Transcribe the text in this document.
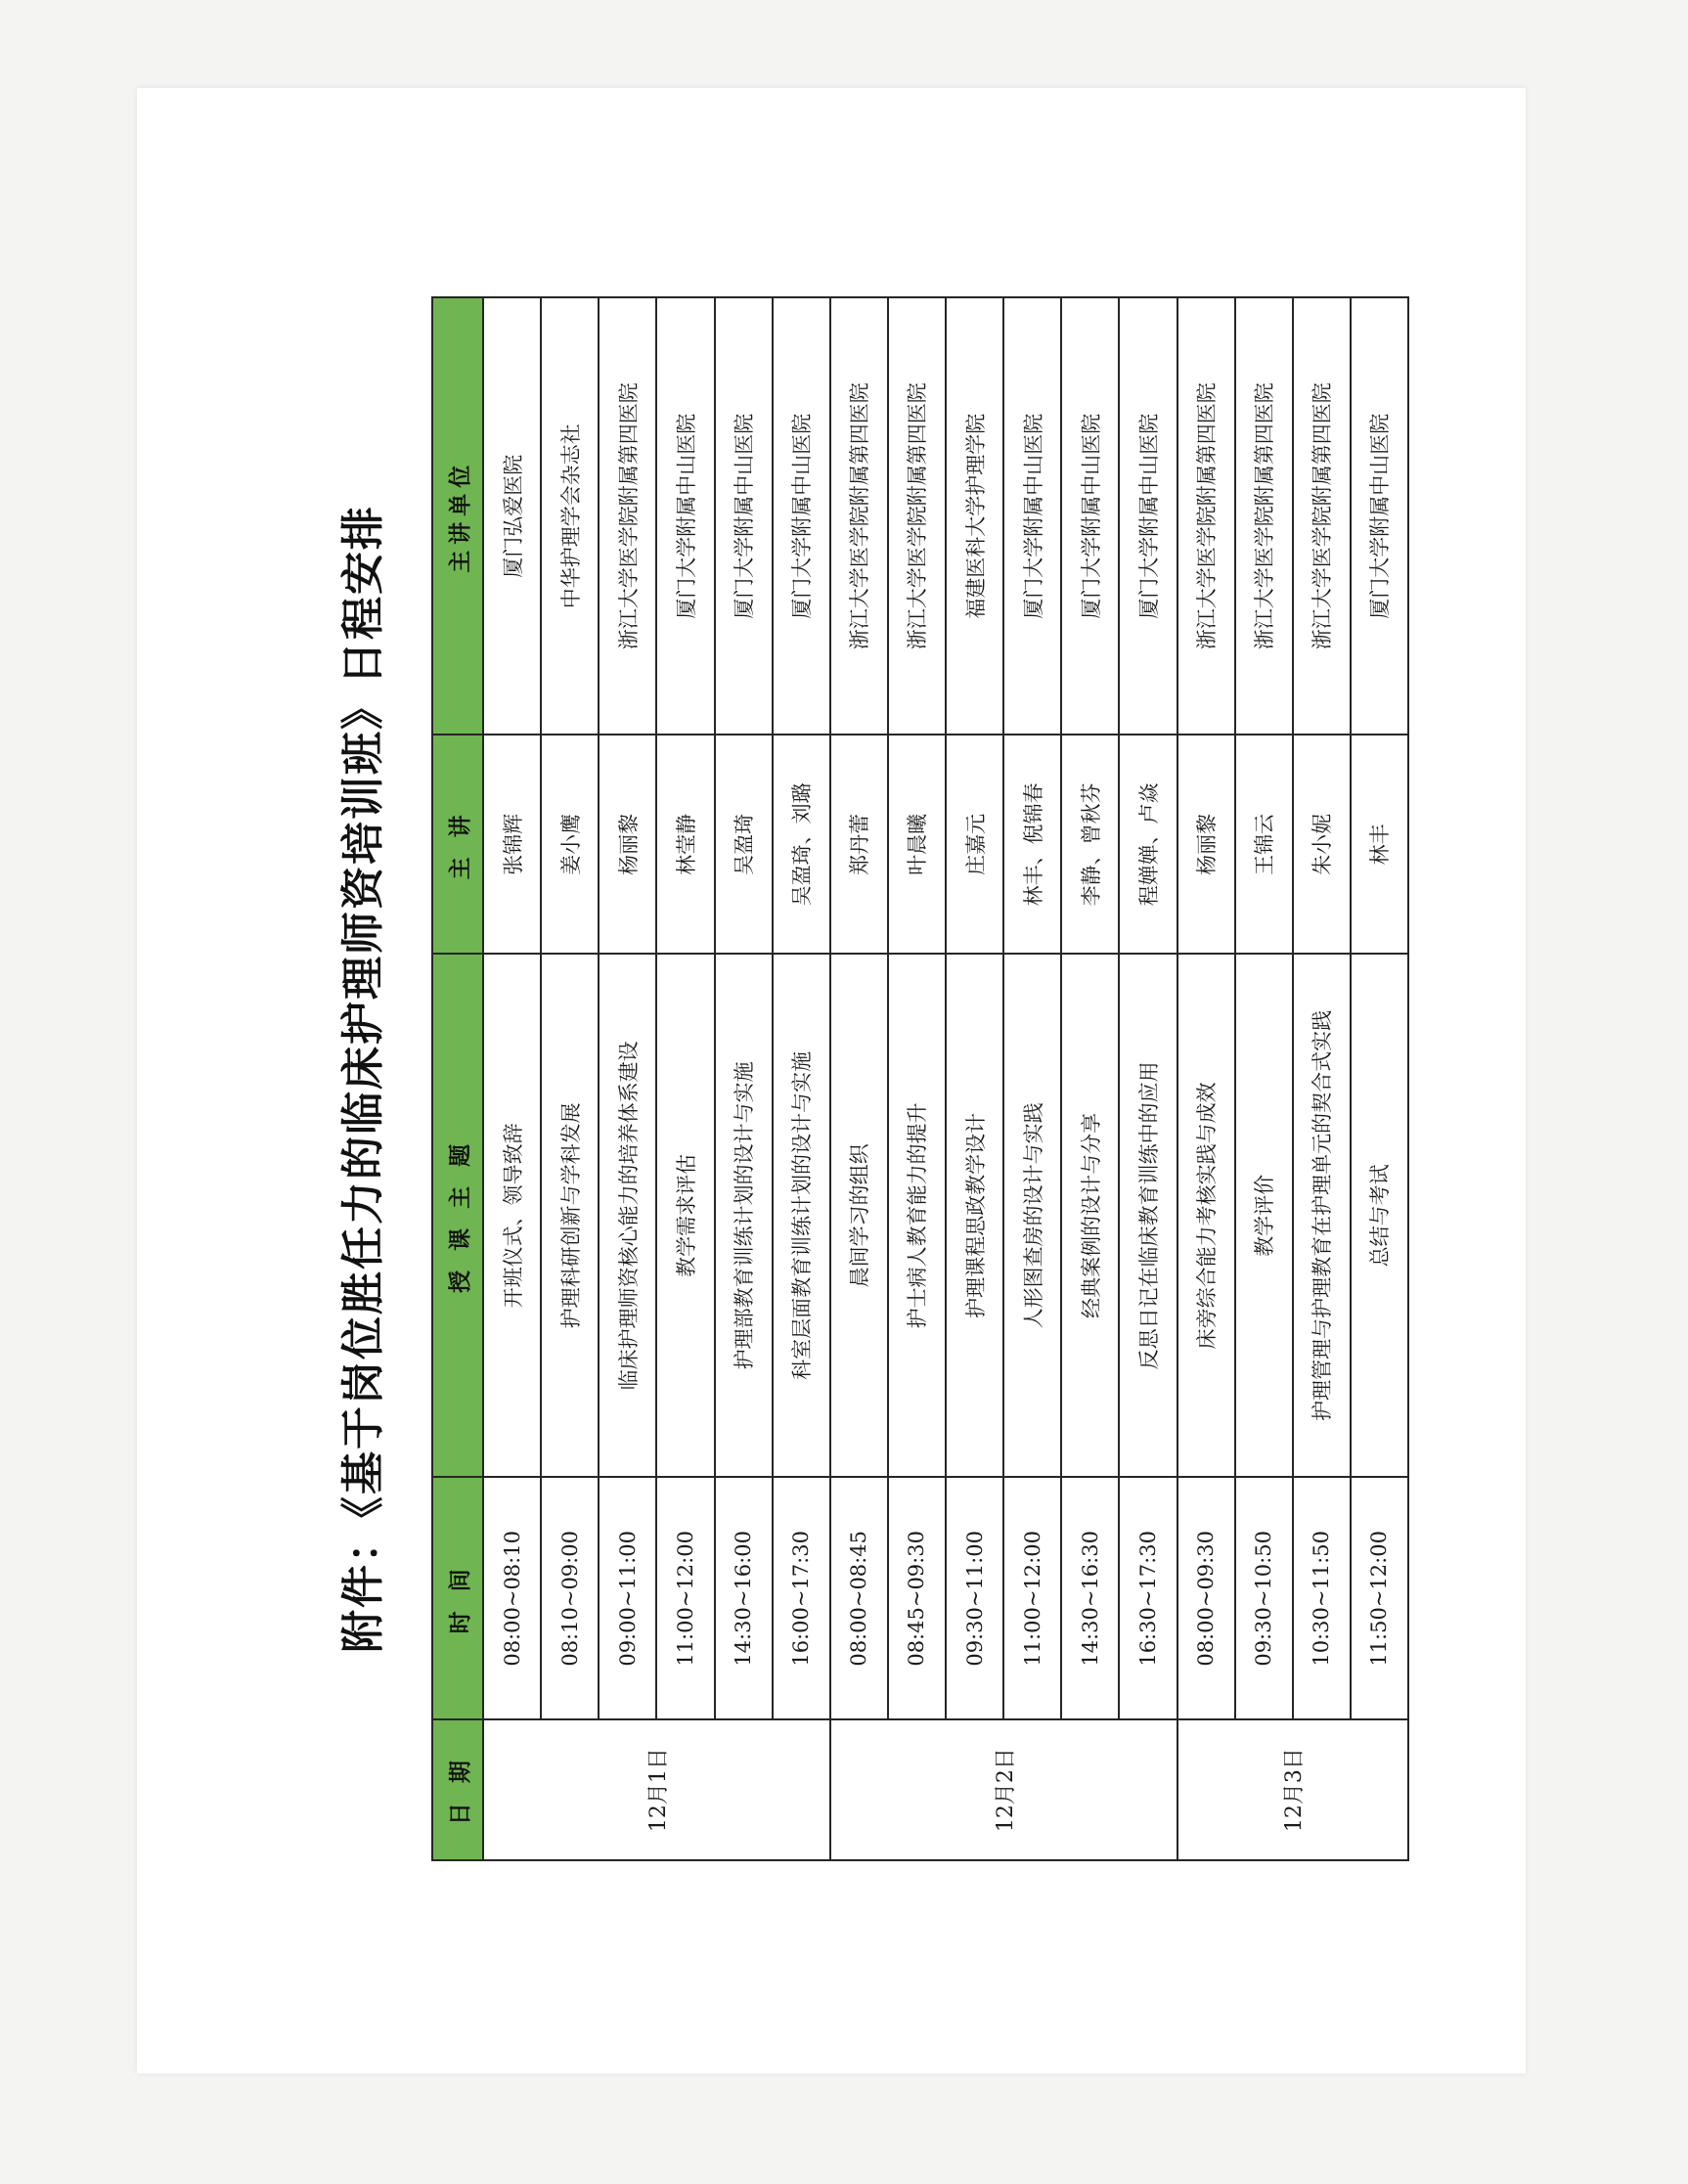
附件：《基于岗位胜任力的临床护理师资培训班》日程安排
日 期	时 间	授 课 主 题	主 讲	主讲单位
12月1日	08:00~08:10	开班仪式、领导致辞	张锦辉	厦门弘爱医院
	08:10~09:00	护理科研创新与学科发展	姜小鹰	中华护理学会杂志社
	09:00~11:00	临床护理师资核心能力的培养体系建设	杨丽黎	浙江大学医学院附属第四医院
	11:00~12:00	教学需求评估	林莹静	厦门大学附属中山医院
	14:30~16:00	护理部教育训练计划的设计与实施	吴盈琦	厦门大学附属中山医院
	16:00~17:30	科室层面教育训练计划的设计与实施	吴盈琦、刘璐	厦门大学附属中山医院
12月2日	08:00~08:45	晨间学习的组织	郑丹蕾	浙江大学医学院附属第四医院
	08:45~09:30	护士病人教育能力的提升	叶晨曦	浙江大学医学院附属第四医院
	09:30~11:00	护理课程思政教学设计	庄嘉元	福建医科大学护理学院
	11:00~12:00	人形图查房的设计与实践	林丰、倪锦春	厦门大学附属中山医院
	14:30~16:30	经典案例的设计与分享	李静、曾秋芬	厦门大学附属中山医院
	16:30~17:30	反思日记在临床教育训练中的应用	程婵婵、卢焱	厦门大学附属中山医院
12月3日	08:00~09:30	床旁综合能力考核实践与成效	杨丽黎	浙江大学医学院附属第四医院
	09:30~10:50	教学评价	王锦云	浙江大学医学院附属第四医院
	10:30~11:50	护理管理与护理教育在护理单元的契合式实践	朱小妮	浙江大学医学院附属第四医院
	11:50~12:00	总结与考试	林丰	厦门大学附属中山医院
